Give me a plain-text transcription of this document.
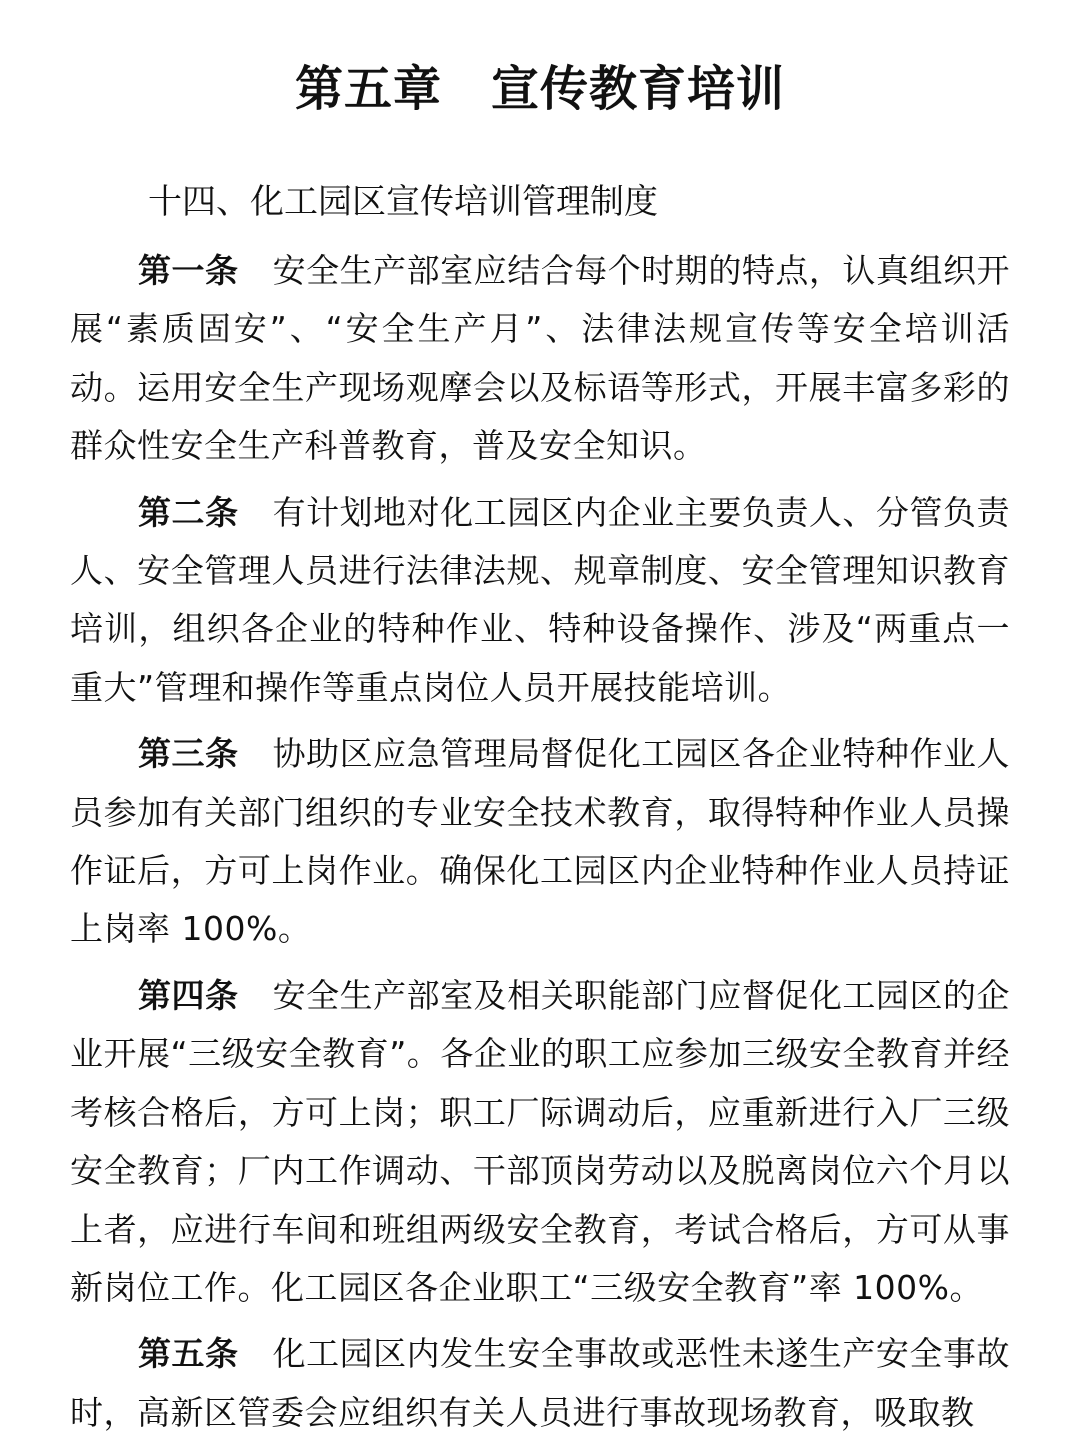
第五章　宣传教育培训
十四、化工园区宣传培训管理制度

第一条 安全生产部室应结合每个时期的特点，认真组织开展“素质固安”、“安全生产月”、法律法规宣传等安全培训活动。运用安全生产现场观摩会以及标语等形式，开展丰富多彩的群众性安全生产科普教育，普及安全知识。

第二条 有计划地对化工园区内企业主要负责人、分管负责人、安全管理人员进行法律法规、规章制度、安全管理知识教育培训，组织各企业的特种作业、特种设备操作、涉及“两重点一重大”管理和操作等重点岗位人员开展技能培训。

第三条 协助区应急管理局督促化工园区各企业特种作业人员参加有关部门组织的专业安全技术教育，取得特种作业人员操作证后，方可上岗作业。确保化工园区内企业特种作业人员持证上岗率 100%。

第四条 安全生产部室及相关职能部门应督促化工园区的企业开展“三级安全教育”。各企业的职工应参加三级安全教育并经考核合格后，方可上岗；职工厂际调动后，应重新进行入厂三级安全教育；厂内工作调动、干部顶岗劳动以及脱离岗位六个月以上者，应进行车间和班组两级安全教育，考试合格后，方可从事新岗位工作。化工园区各企业职工“三级安全教育”率 100%。

第五条 化工园区内发生安全事故或恶性未遂生产安全事故时，高新区管委会应组织有关人员进行事故现场教育，吸取教
